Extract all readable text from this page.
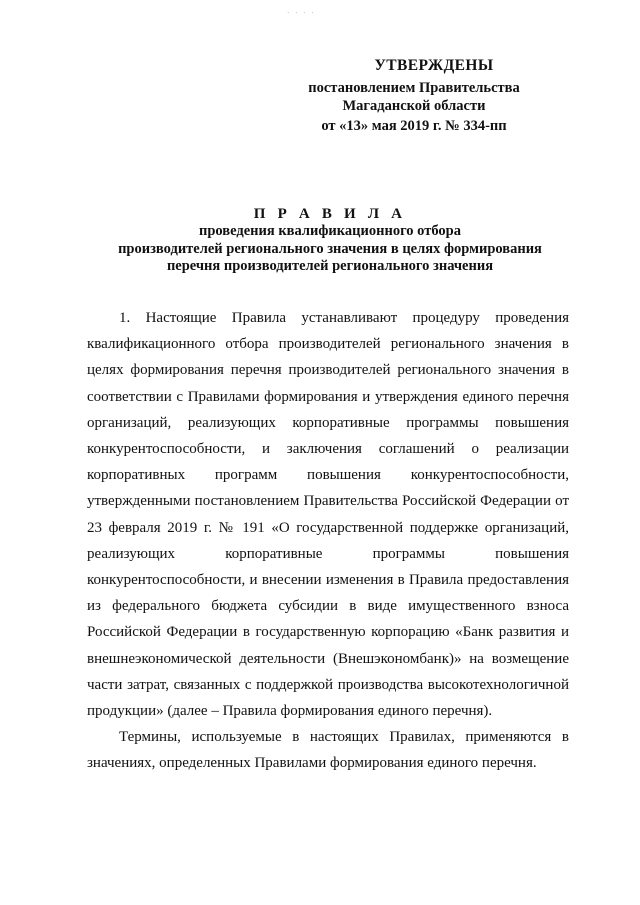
· · · ·
УТВЕРЖДЕНЫ
постановлением Правительства
Магаданской области
от «13» мая 2019 г. № 334-пп
П Р А В И Л А
проведения квалификационного отбора
производителей регионального значения в целях формирования
перечня производителей регионального значения

1. Настоящие Правила устанавливают процедуру проведения квалификационного отбора производителей регионального значения в целях формирования перечня производителей регионального значения в соответствии с Правилами формирования и утверждения единого перечня организаций, реализующих корпоративные программы повышения конкурентоспособности, и заключения соглашений о реализации корпоративных программ повышения конкурентоспособности, утвержденными постановлением Правительства Российской Федерации от 23 февраля 2019 г. № 191 «О государственной поддержке организаций, реализующих корпоративные программы повышения конкурентоспособности, и внесении изменения в Правила предоставления из федерального бюджета субсидии в виде имущественного взноса Российской Федерации в государственную корпорацию «Банк развития и внешнеэкономической деятельности (Внешэкономбанк)» на возмещение части затрат, связанных с поддержкой производства высокотехнологичной продукции» (далее – Правила формирования единого перечня).

Термины, используемые в настоящих Правилах, применяются в значениях, определенных Правилами формирования единого перечня.
